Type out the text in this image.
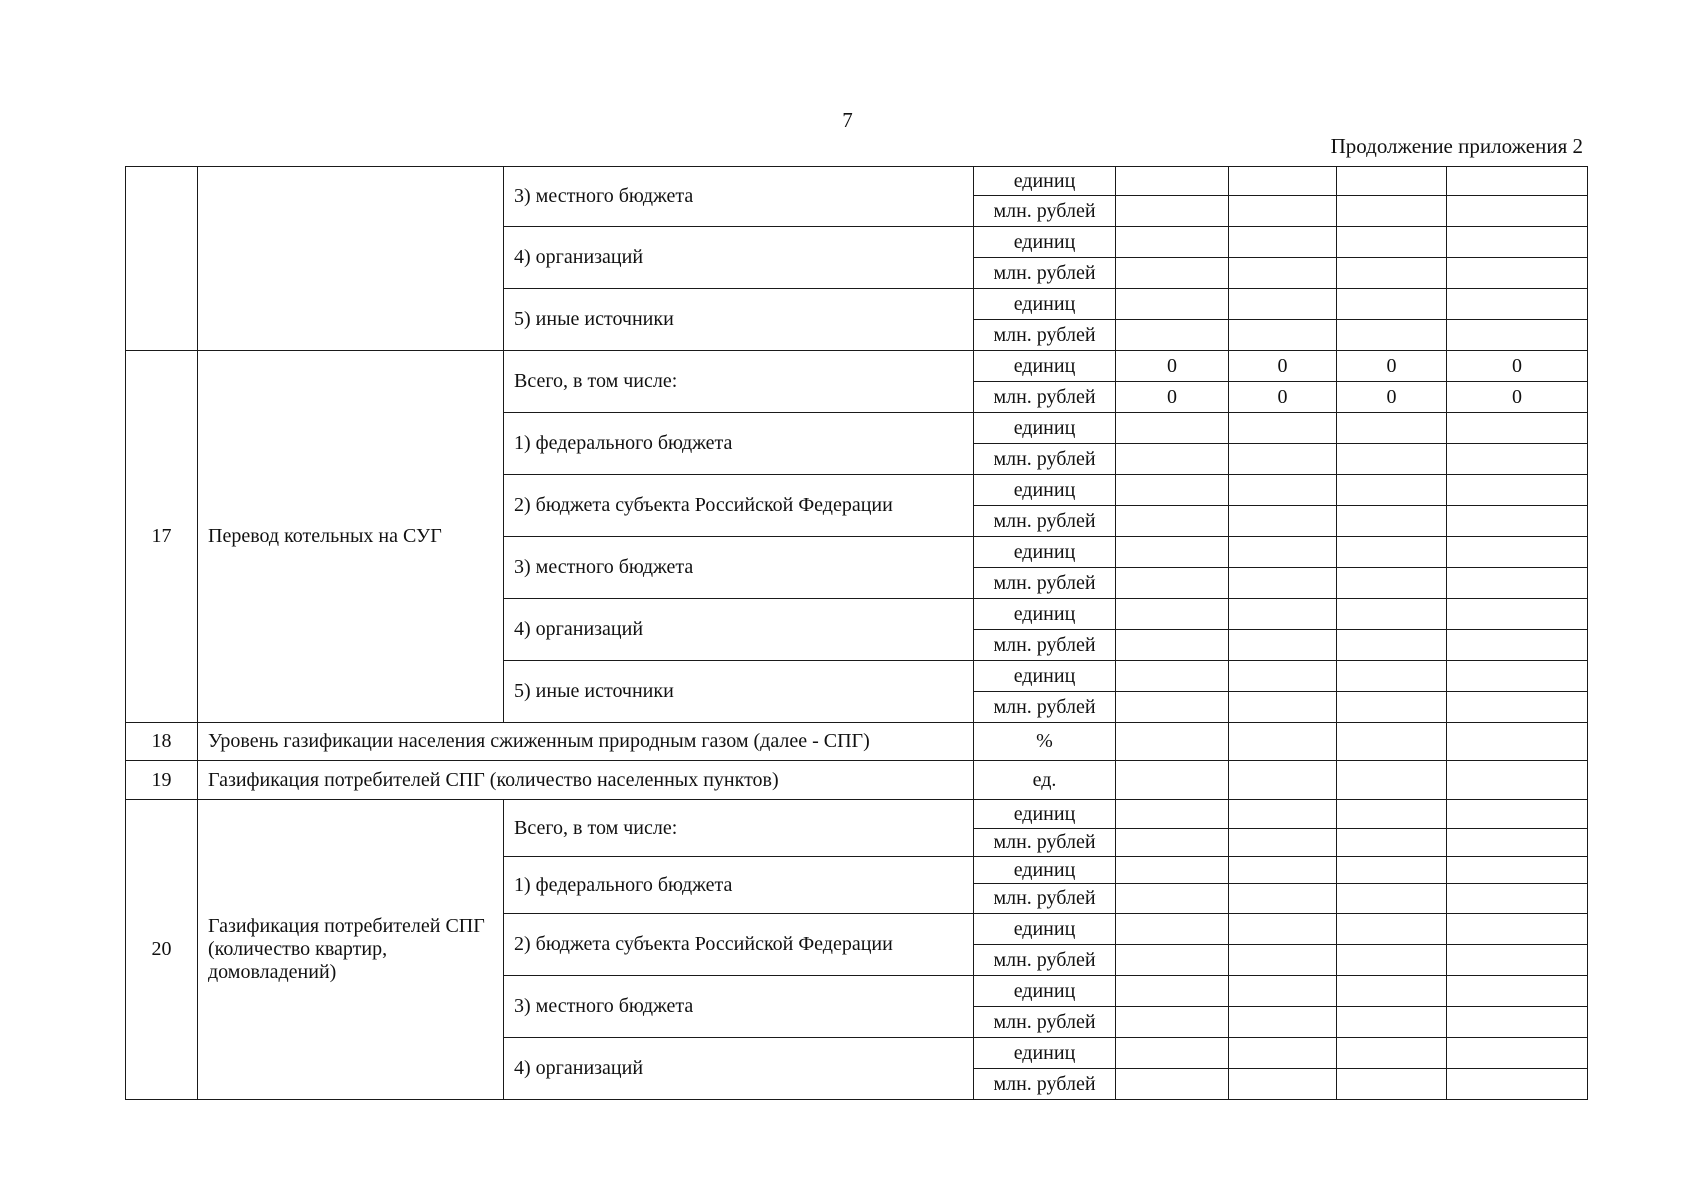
7
Продолжение приложения 2
		3) местного бюджета	единиц				
			млн. рублей				
		4) организаций	единиц				
			млн. рублей				
		5) иные источники	единиц				
			млн. рублей				
17	Перевод котельных на СУГ	Всего, в том числе:	единиц	0	0	0	0
			млн. рублей	0	0	0	0
		1) федерального бюджета	единиц				
			млн. рублей				
		2) бюджета субъекта Российской Федерации	единиц				
			млн. рублей				
		3) местного бюджета	единиц				
			млн. рублей				
		4) организаций	единиц				
			млн. рублей				
		5) иные источники	единиц				
			млн. рублей				
18	Уровень газификации населения сжиженным природным газом (далее - СПГ)		%				
19	Газификация потребителей СПГ (количество населенных пунктов)		ед.				
20	Газификация потребителей СПГ (количество квартир, домовладений)	Всего, в том числе:	единиц				
			млн. рублей				
		1) федерального бюджета	единиц				
			млн. рублей				
		2) бюджета субъекта Российской Федерации	единиц				
			млн. рублей				
		3) местного бюджета	единиц				
			млн. рублей				
		4) организаций	единиц				
			млн. рублей				
